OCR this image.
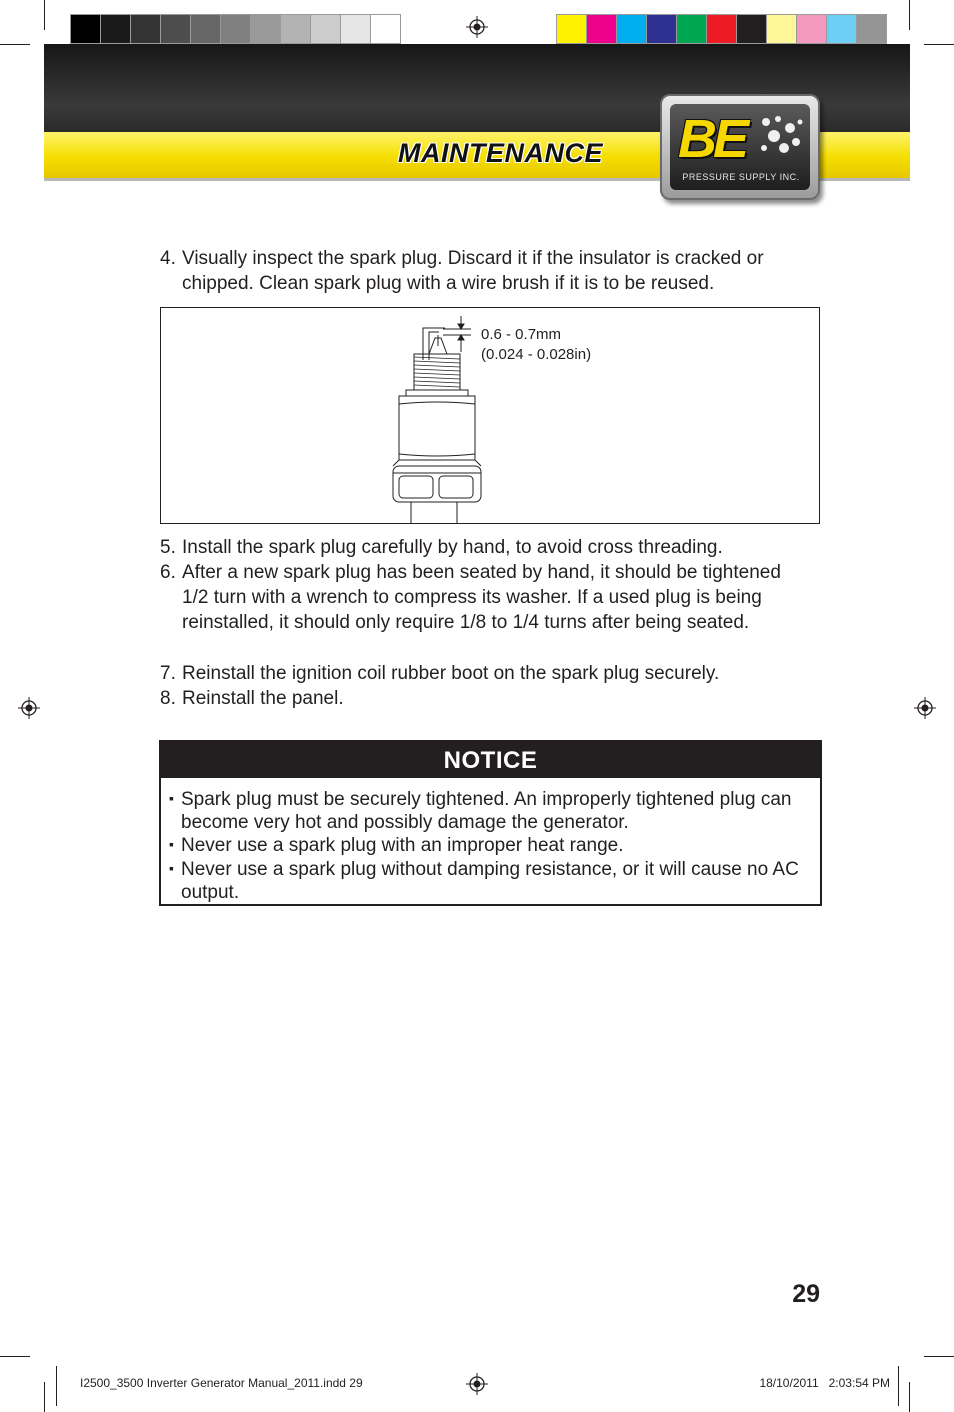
MAINTENANCE BE
PRESSURE SUPPLY INC.
4. Visually inspect the spark plug. Discard it if the insulator is cracked or chipped. Clean spark plug with a wire brush if it is to be reused.
0.6 - 0.7mm
(0.024 - 0.028in)
5. Install the spark plug carefully by hand, to avoid cross threading.
6. After a new spark plug has been seated by hand, it should be tightened 1/2 turn with a wrench to compress its washer. If a used plug is being reinstalled, it should only require 1/8 to 1/4 turns after being seated.
7. Reinstall the ignition coil rubber boot on the spark plug securely.
8. Reinstall the panel.
NOTICE
▪ Spark plug must be securely tightened. An improperly tightened plug can become very hot and possibly damage the generator.
▪ Never use a spark plug with an improper heat range.
▪ Never use a spark plug without damping resistance, or it will cause no AC output.
29
I2500_3500 Inverter Generator Manual_2011.indd 29	18/10/2011   2:03:54 PM
